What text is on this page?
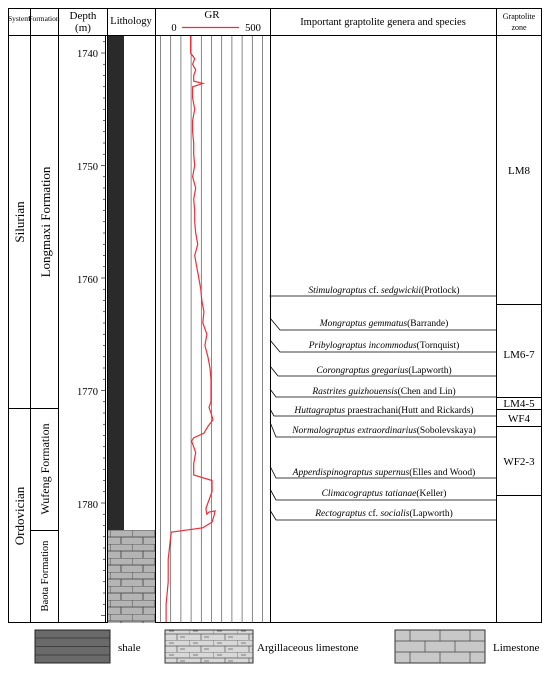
System
Formation Depth
(m)
Lithology
GR
0	500
Important graptolite genera and species
Graptolite
zone
Silurian
Ordovician
Longmaxi Formation
Wufeng Formation
Baota Formation
1740
1750
1760
1770
1780
Stimulograptus cf. sedgwickii(Protlock)
Mongraptus gemmatus(Barrande)
Pribylograptus incommodus(Tornquist)
Corongraptus gregarius(Lapworth)
Rastrites guizhouensis(Chen and Lin)
Huttagraptus praestrachani(Hutt and Rickards)
Normalograptus extraordinarius(Sobolevskaya)
Apperdispinograptus supernus(Elles and Wood)
Climacograptus tatianae(Keller)
Rectograptus cf. socialis(Lapworth)
LM8
LM6-7
LM4-5
WF4
WF2-3
shale	Argillaceous limestone	Limestone
